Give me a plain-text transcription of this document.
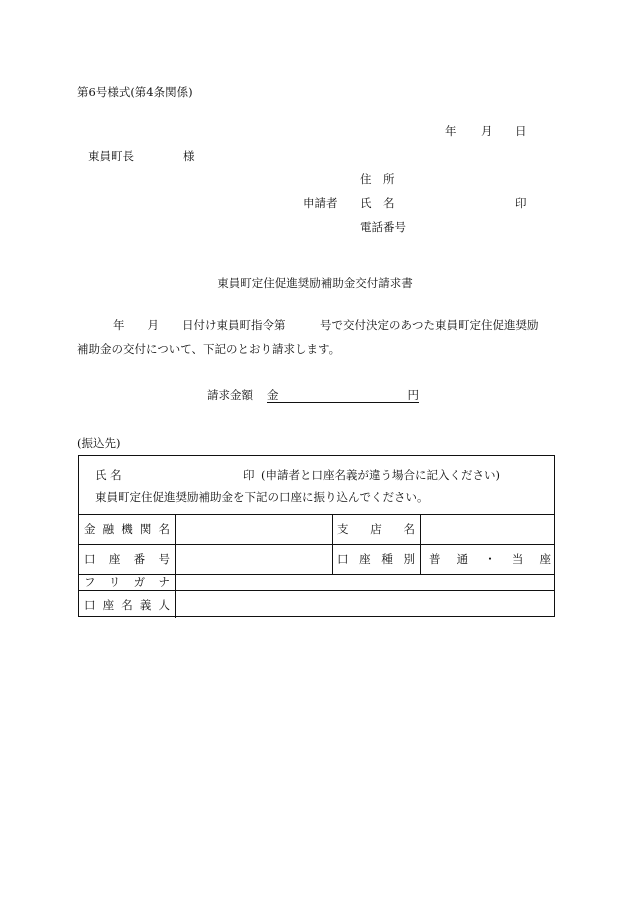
第6号様式(第4条関係)
年 月 日
東員町長	様
住　所
申請者 氏　名	印
電話番号
東員町定住促進奨励補助金交付請求書
年　　月　　日付け東員町指令第　　　号で交付決定のあつた東員町定住促進奨励
補助金の交付について、下記のとおり請求します。
請求金額 金	円
(振込先)
氏 名	印 (申請者と口座名義が違う場合に記入ください)
東員町定住促進奨励補助金を下記の口座に振り込んでください。
金 融 機 関 名	支 店 名
口 座 番 号	口 座 種 別 普 通 ・ 当 座
フ リ ガ ナ
口 座 名 義 人
